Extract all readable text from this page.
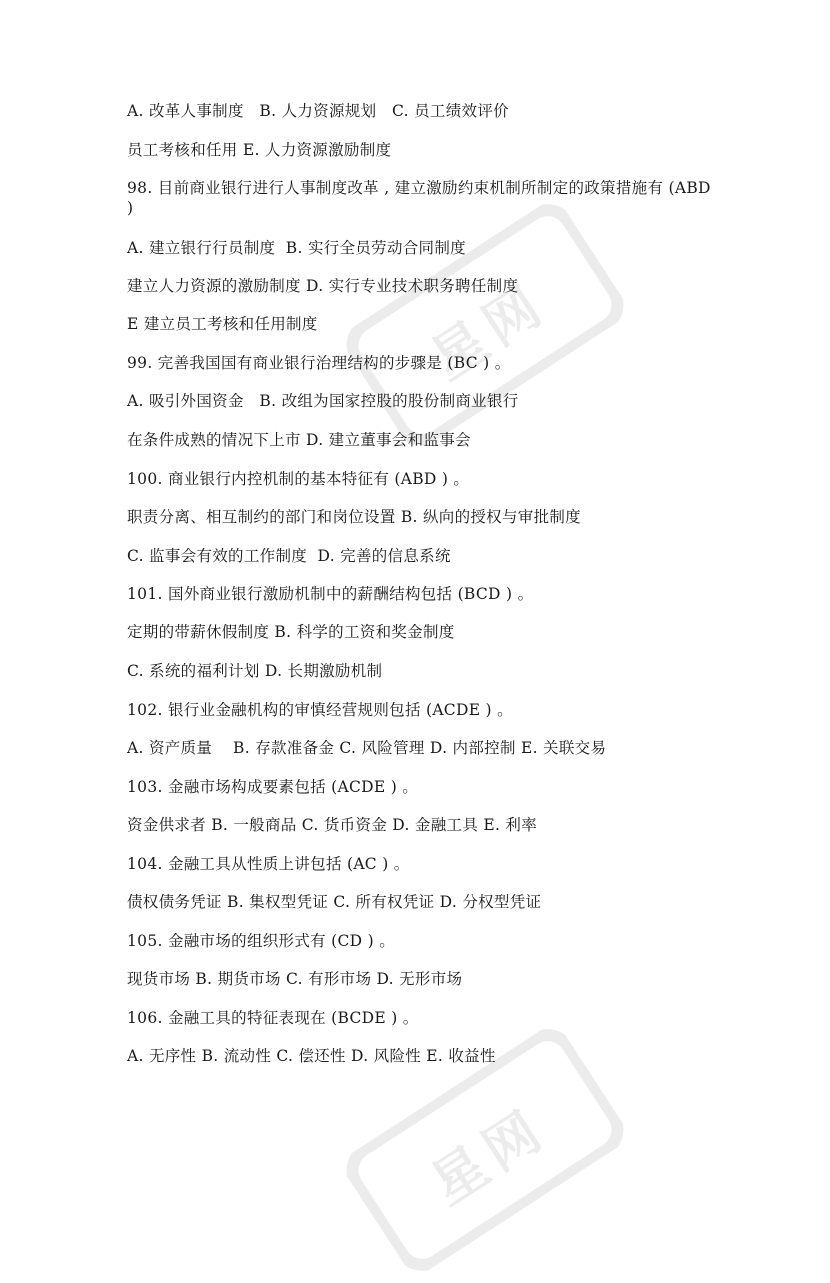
星网
星网
A. 改革人事制度   B. 人力资源规划   C. 员工绩效评价
员工考核和任用 E. 人力资源激励制度
98. 目前商业银行进行人事制度改革 , 建立激励约束机制所制定的政策措施有 (ABD )
A. 建立银行行员制度  B. 实行全员劳动合同制度
建立人力资源的激励制度 D. 实行专业技术职务聘任制度
E 建立员工考核和任用制度
99. 完善我国国有商业银行治理结构的步骤是 (BC ) 。
A. 吸引外国资金   B. 改组为国家控股的股份制商业银行
在条件成熟的情况下上市 D. 建立董事会和监事会
100. 商业银行内控机制的基本特征有 (ABD ) 。
职责分离、相互制约的部门和岗位设置 B. 纵向的授权与审批制度
C. 监事会有效的工作制度  D. 完善的信息系统
101. 国外商业银行激励机制中的薪酬结构包括 (BCD ) 。
定期的带薪休假制度 B. 科学的工资和奖金制度
C. 系统的福利计划 D. 长期激励机制
102. 银行业金融机构的审慎经营规则包括 (ACDE ) 。
A. 资产质量    B. 存款准备金 C. 风险管理 D. 内部控制 E. 关联交易
103. 金融市场构成要素包括 (ACDE ) 。
资金供求者 B. 一般商品 C. 货币资金 D. 金融工具 E. 利率
104. 金融工具从性质上讲包括 (AC ) 。
债权债务凭证 B. 集权型凭证 C. 所有权凭证 D. 分权型凭证
105. 金融市场的组织形式有 (CD ) 。
现货市场 B. 期货市场 C. 有形市场 D. 无形市场
106. 金融工具的特征表现在 (BCDE ) 。
A. 无序性 B. 流动性 C. 偿还性 D. 风险性 E. 收益性
